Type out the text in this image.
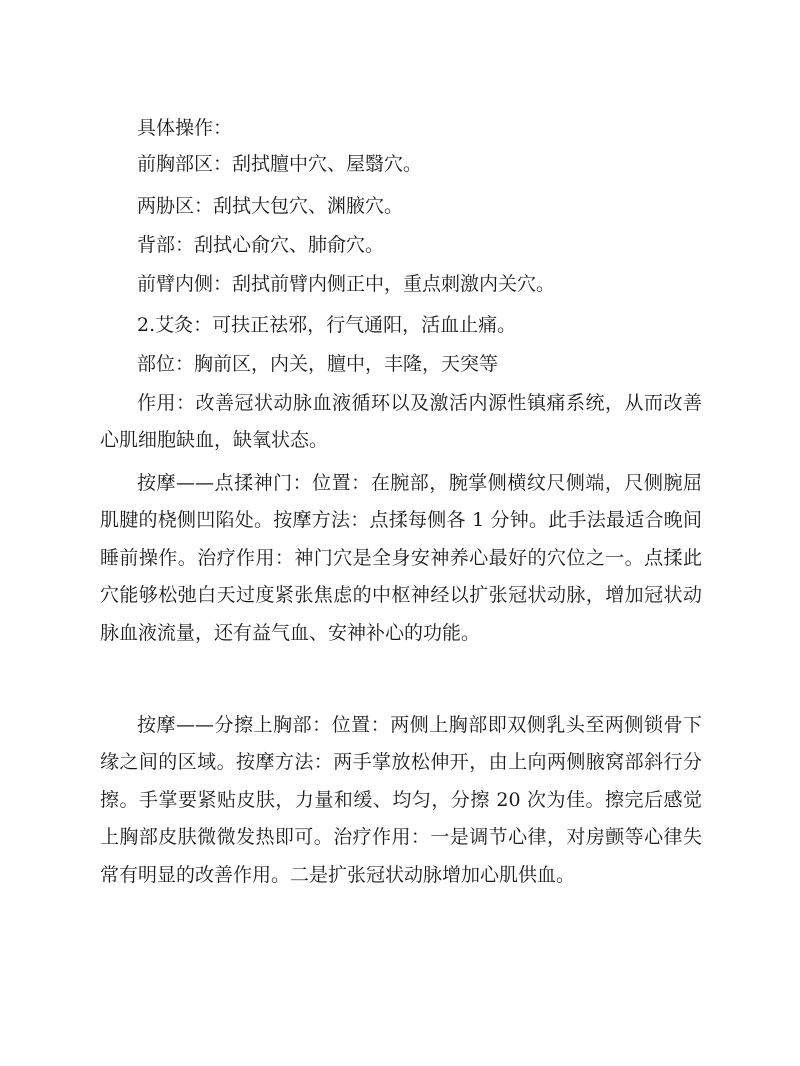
具体操作：
前胸部区：刮拭膻中穴、屋翳穴。
两胁区：刮拭大包穴、渊腋穴。
背部：刮拭心俞穴、肺俞穴。
前臂内侧：刮拭前臂内侧正中，重点刺激内关穴。
2.艾灸：可扶正祛邪，行气通阳，活血止痛。
部位：胸前区，内关，膻中，丰隆，天突等

作用：改善冠状动脉血液循环以及激活内源性镇痛系统，从而改善心肌细胞缺血，缺氧状态。

按摩——点揉神门：位置：在腕部，腕掌侧横纹尺侧端，尺侧腕屈肌腱的桡侧凹陷处。按摩方法：点揉每侧各 1 分钟。此手法最适合晚间睡前操作。治疗作用：神门穴是全身安神养心最好的穴位之一。点揉此穴能够松弛白天过度紧张焦虑的中枢神经以扩张冠状动脉，增加冠状动脉血液流量，还有益气血、安神补心的功能。

按摩——分擦上胸部：位置：两侧上胸部即双侧乳头至两侧锁骨下缘之间的区域。按摩方法：两手掌放松伸开，由上向两侧腋窝部斜行分擦。手掌要紧贴皮肤，力量和缓、均匀，分擦 20 次为佳。擦完后感觉上胸部皮肤微微发热即可。治疗作用：一是调节心律，对房颤等心律失常有明显的改善作用。二是扩张冠状动脉增加心肌供血。
